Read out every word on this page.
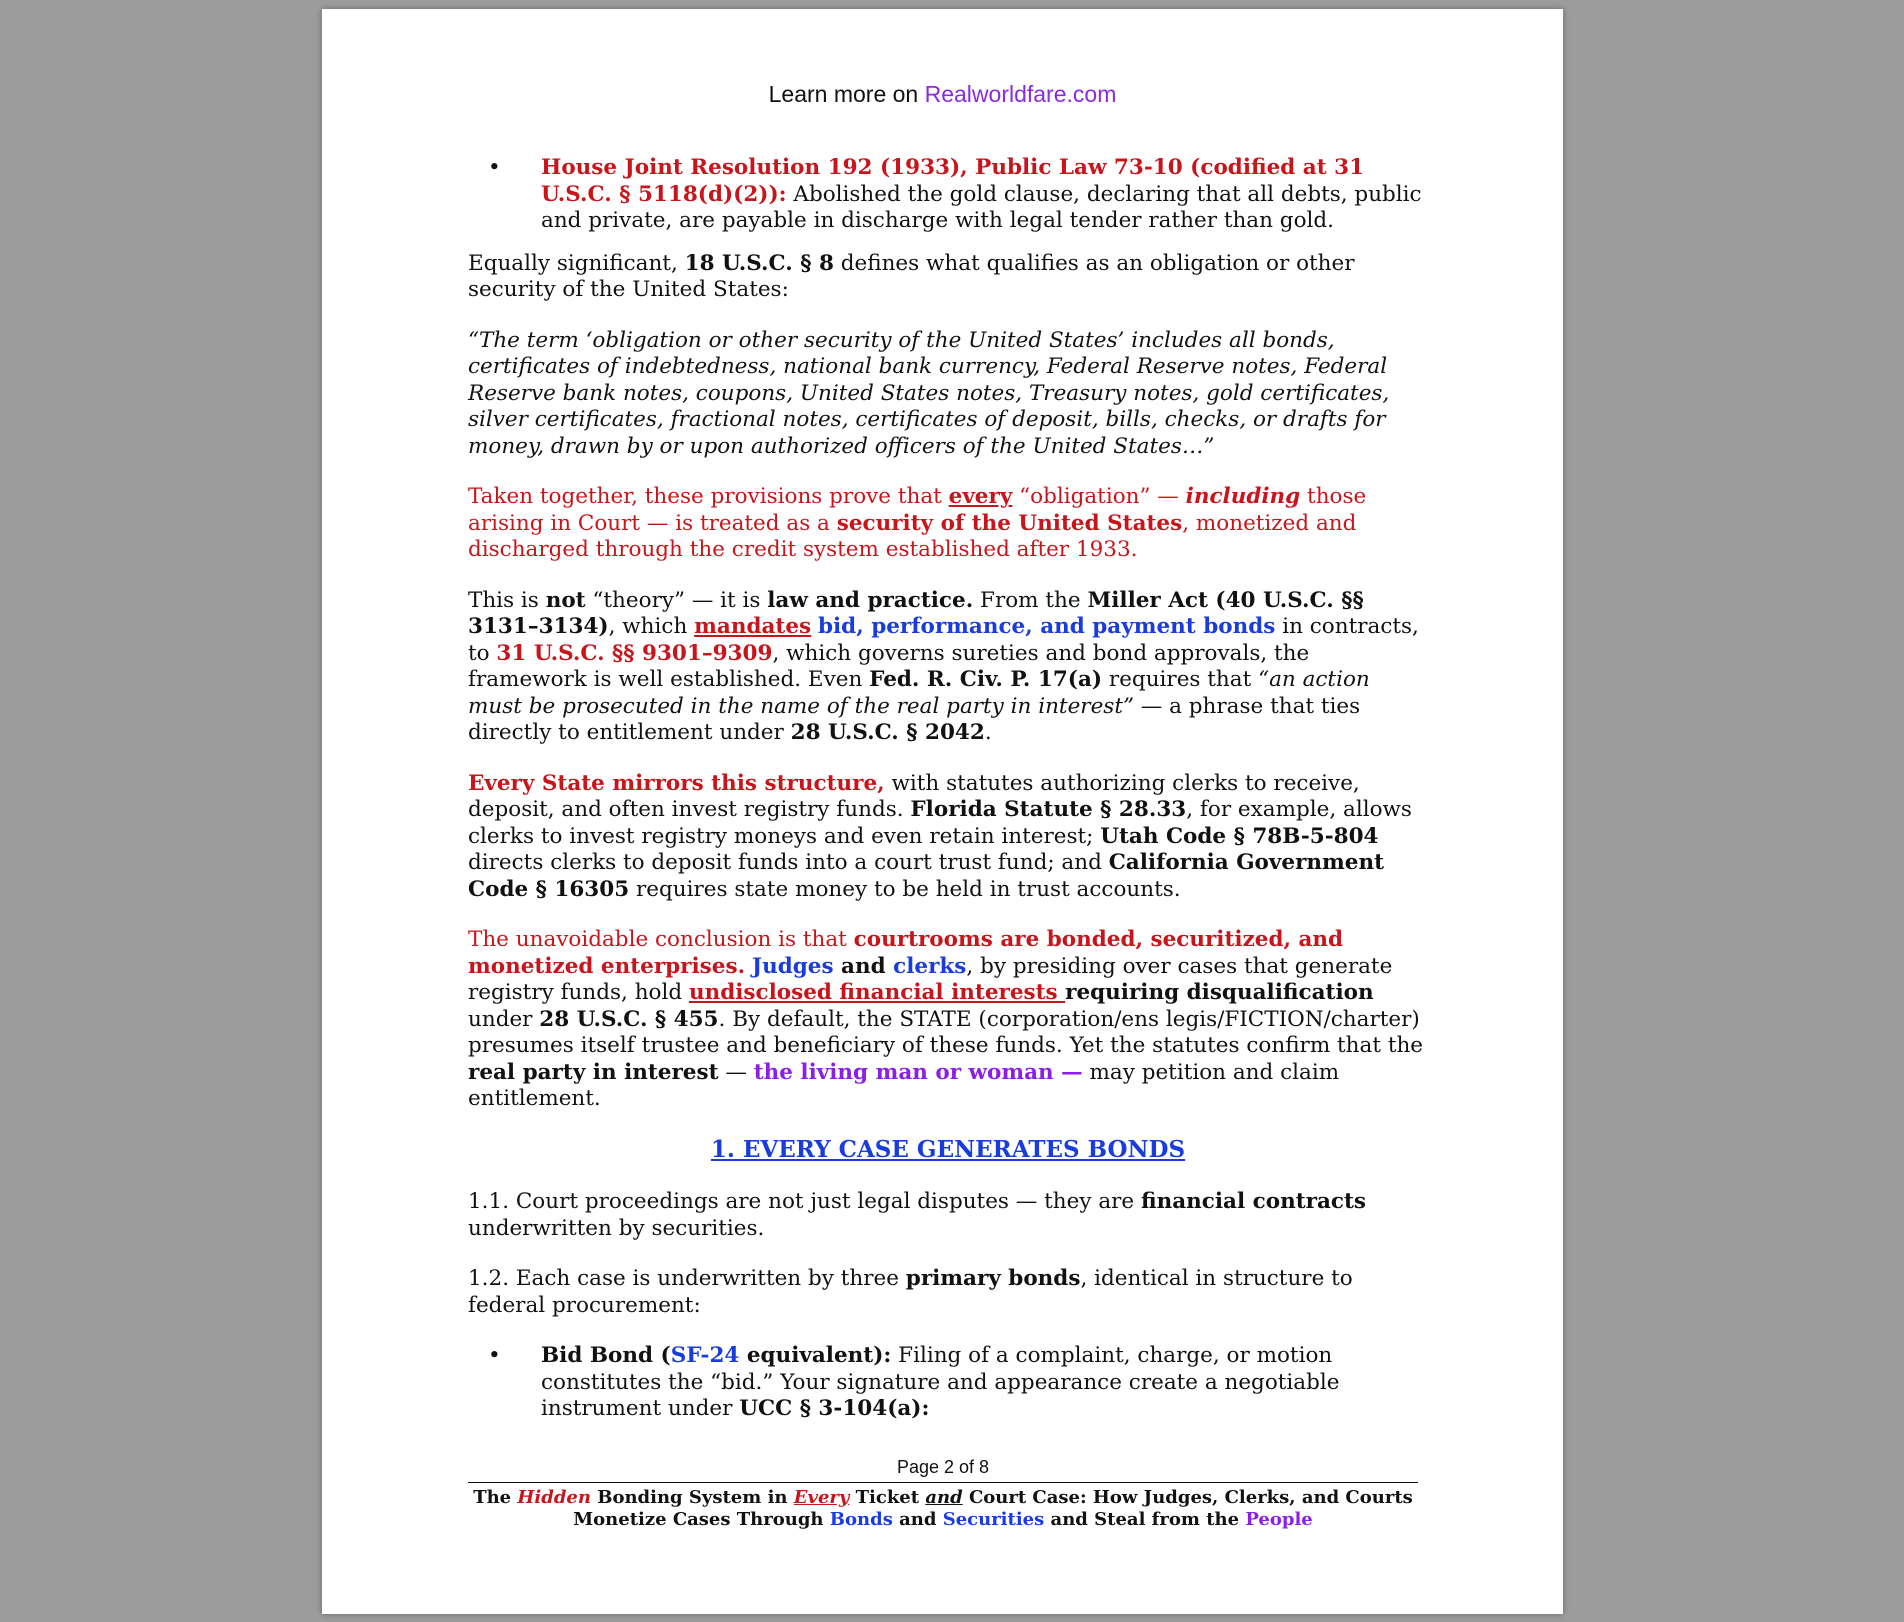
Learn more on Realworldfare.com
• House Joint Resolution 192 (1933), Public Law 73-10 (codified at 31 U.S.C. § 5118(d)(2)): Abolished the gold clause, declaring that all debts, public and private, are payable in discharge with legal tender rather than gold.

Equally significant, 18 U.S.C. § 8 defines what qualifies as an obligation or other security of the United States:

“The term ‘obligation or other security of the United States’ includes all bonds, certificates of indebtedness, national bank currency, Federal Reserve notes, Federal Reserve bank notes, coupons, United States notes, Treasury notes, gold certificates, silver certificates, fractional notes, certificates of deposit, bills, checks, or drafts for money, drawn by or upon authorized officers of the United States…”

Taken together, these provisions prove that every “obligation” — including those arising in Court — is treated as a security of the United States, monetized and discharged through the credit system established after 1933.

This is not “theory” — it is law and practice. From the Miller Act (40 U.S.C. §§ 3131–3134), which mandates bid, performance, and payment bonds in contracts, to 31 U.S.C. §§ 9301–9309, which governs sureties and bond approvals, the framework is well established. Even Fed. R. Civ. P. 17(a) requires that “an action must be prosecuted in the name of the real party in interest” — a phrase that ties directly to entitlement under 28 U.S.C. § 2042.

Every State mirrors this structure, with statutes authorizing clerks to receive, deposit, and often invest registry funds. Florida Statute § 28.33, for example, allows clerks to invest registry moneys and even retain interest; Utah Code § 78B-5-804 directs clerks to deposit funds into a court trust fund; and California Government Code § 16305 requires state money to be held in trust accounts.

The unavoidable conclusion is that courtrooms are bonded, securitized, and monetized enterprises. Judges and clerks, by presiding over cases that generate registry funds, hold undisclosed financial interests requiring disqualification under 28 U.S.C. § 455. By default, the STATE (corporation/ens legis/FICTION/charter) presumes itself trustee and beneficiary of these funds. Yet the statutes confirm that the real party in interest — the living man or woman — may petition and claim entitlement.

1. EVERY CASE GENERATES BONDS

1.1. Court proceedings are not just legal disputes — they are financial contracts underwritten by securities.

1.2. Each case is underwritten by three primary bonds, identical in structure to federal procurement:

• Bid Bond (SF-24 equivalent): Filing of a complaint, charge, or motion constitutes the “bid.” Your signature and appearance create a negotiable instrument under UCC § 3-104(a):
Page 2 of 8
The Hidden Bonding System in Every Ticket and Court Case: How Judges, Clerks, and Courts Monetize Cases Through Bonds and Securities and Steal from the People
